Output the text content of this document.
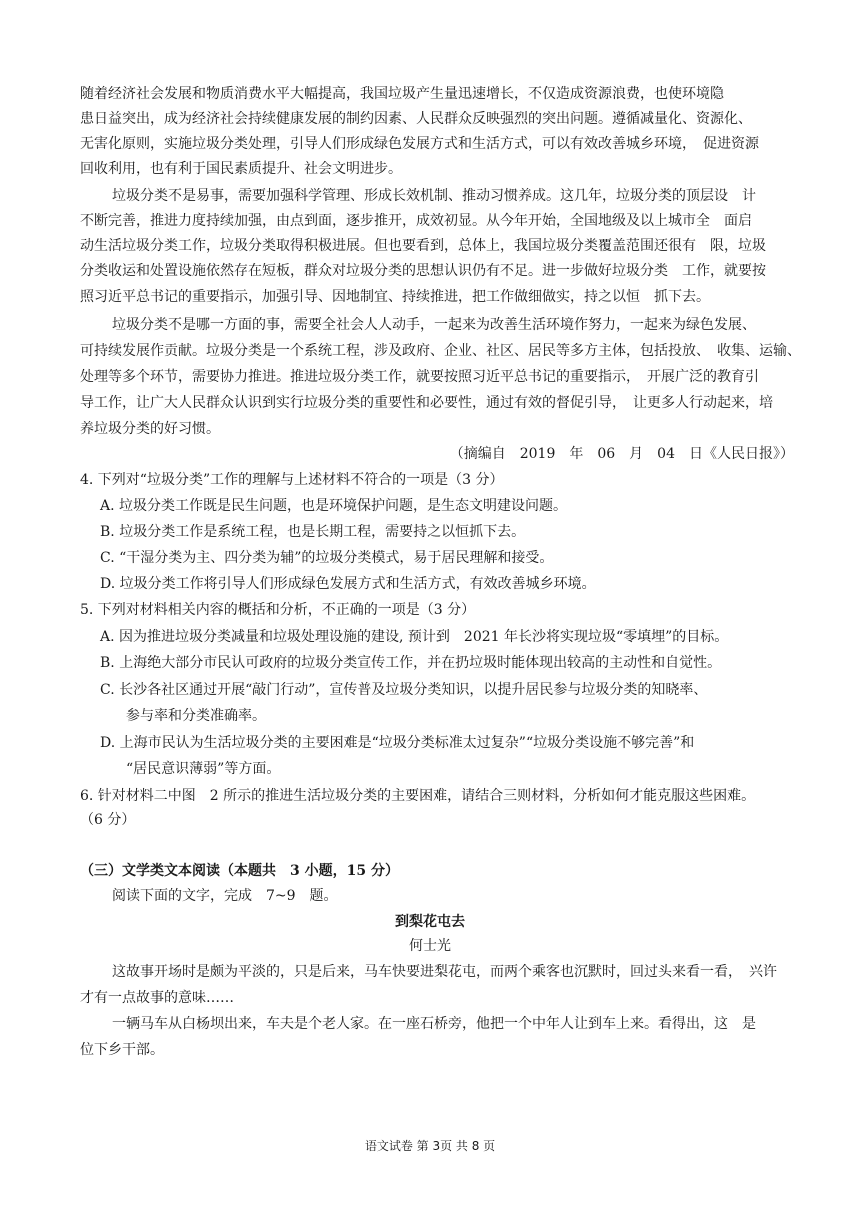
随着经济社会发展和物质消费水平大幅提高，我国垃圾产生量迅速增长，不仅造成资源浪费，也使环境隐
患日益突出，成为经济社会持续健康发展的制约因素、人民群众反映强烈的突出问题。遵循减量化、资源化、
无害化原则，实施垃圾分类处理，引导人们形成绿色发展方式和生活方式，可以有效改善城乡环境，　促进资源
回收利用，也有利于国民素质提升、社会文明进步。
垃圾分类不是易事，需要加强科学管理、形成长效机制、推动习惯养成。这几年，垃圾分类的顶层设　计
不断完善，推进力度持续加强，由点到面，逐步推开，成效初显。从今年开始，全国地级及以上城市全　面启
动生活垃圾分类工作，垃圾分类取得积极进展。但也要看到，总体上，我国垃圾分类覆盖范围还很有　限，垃圾
分类收运和处置设施依然存在短板，群众对垃圾分类的思想认识仍有不足。进一步做好垃圾分类　工作，就要按
照习近平总书记的重要指示，加强引导、因地制宜、持续推进，把工作做细做实，持之以恒　抓下去。
垃圾分类不是哪一方面的事，需要全社会人人动手，一起来为改善生活环境作努力，一起来为绿色发展、
可持续发展作贡献。垃圾分类是一个系统工程，涉及政府、企业、社区、居民等多方主体，包括投放、　收集、运输、
处理等多个环节，需要协力推进。推进垃圾分类工作，就要按照习近平总书记的重要指示，　开展广泛的教育引
导工作，让广大人民群众认识到实行垃圾分类的重要性和必要性，通过有效的督促引导，　让更多人行动起来，培
养垃圾分类的好习惯。
（摘编自　2019　年　06　月　04　日《人民日报》）
4. 下列对“垃圾分类”工作的理解与上述材料不符合的一项是（3 分）
A. 垃圾分类工作既是民生问题，也是环境保护问题，是生态文明建设问题。
B. 垃圾分类工作是系统工程，也是长期工程，需要持之以恒抓下去。
C. “干湿分类为主、四分类为辅”的垃圾分类模式，易于居民理解和接受。
D. 垃圾分类工作将引导人们形成绿色发展方式和生活方式，有效改善城乡环境。
5. 下列对材料相关内容的概括和分析，不正确的一项是（3 分）
A. 因为推进垃圾分类减量和垃圾处理设施的建设, 预计到　2021 年长沙将实现垃圾“零填埋”的目标。
B. 上海绝大部分市民认可政府的垃圾分类宣传工作，并在扔垃圾时能体现出较高的主动性和自觉性。
C. 长沙各社区通过开展“敲门行动”，宣传普及垃圾分类知识，以提升居民参与垃圾分类的知晓率、
参与率和分类准确率。
D. 上海市民认为生活垃圾分类的主要困难是“垃圾分类标准太过复杂”“垃圾分类设施不够完善”和
“居民意识薄弱”等方面。
6. 针对材料二中图　2 所示的推进生活垃圾分类的主要困难，请结合三则材料，分析如何才能克服这些困难。
（6 分）
（三）文学类文本阅读（本题共　3 小题，15 分）
阅读下面的文字，完成　7~9　题。
到梨花屯去
何士光
这故事开场时是颇为平淡的，只是后来，马车快要进梨花屯，而两个乘客也沉默时，回过头来看一看，　兴许
才有一点故事的意味……
一辆马车从白杨坝出来，车夫是个老人家。在一座石桥旁，他把一个中年人让到车上来。看得出，这　是
位下乡干部。
语文试卷 第 3页 共 8 页
